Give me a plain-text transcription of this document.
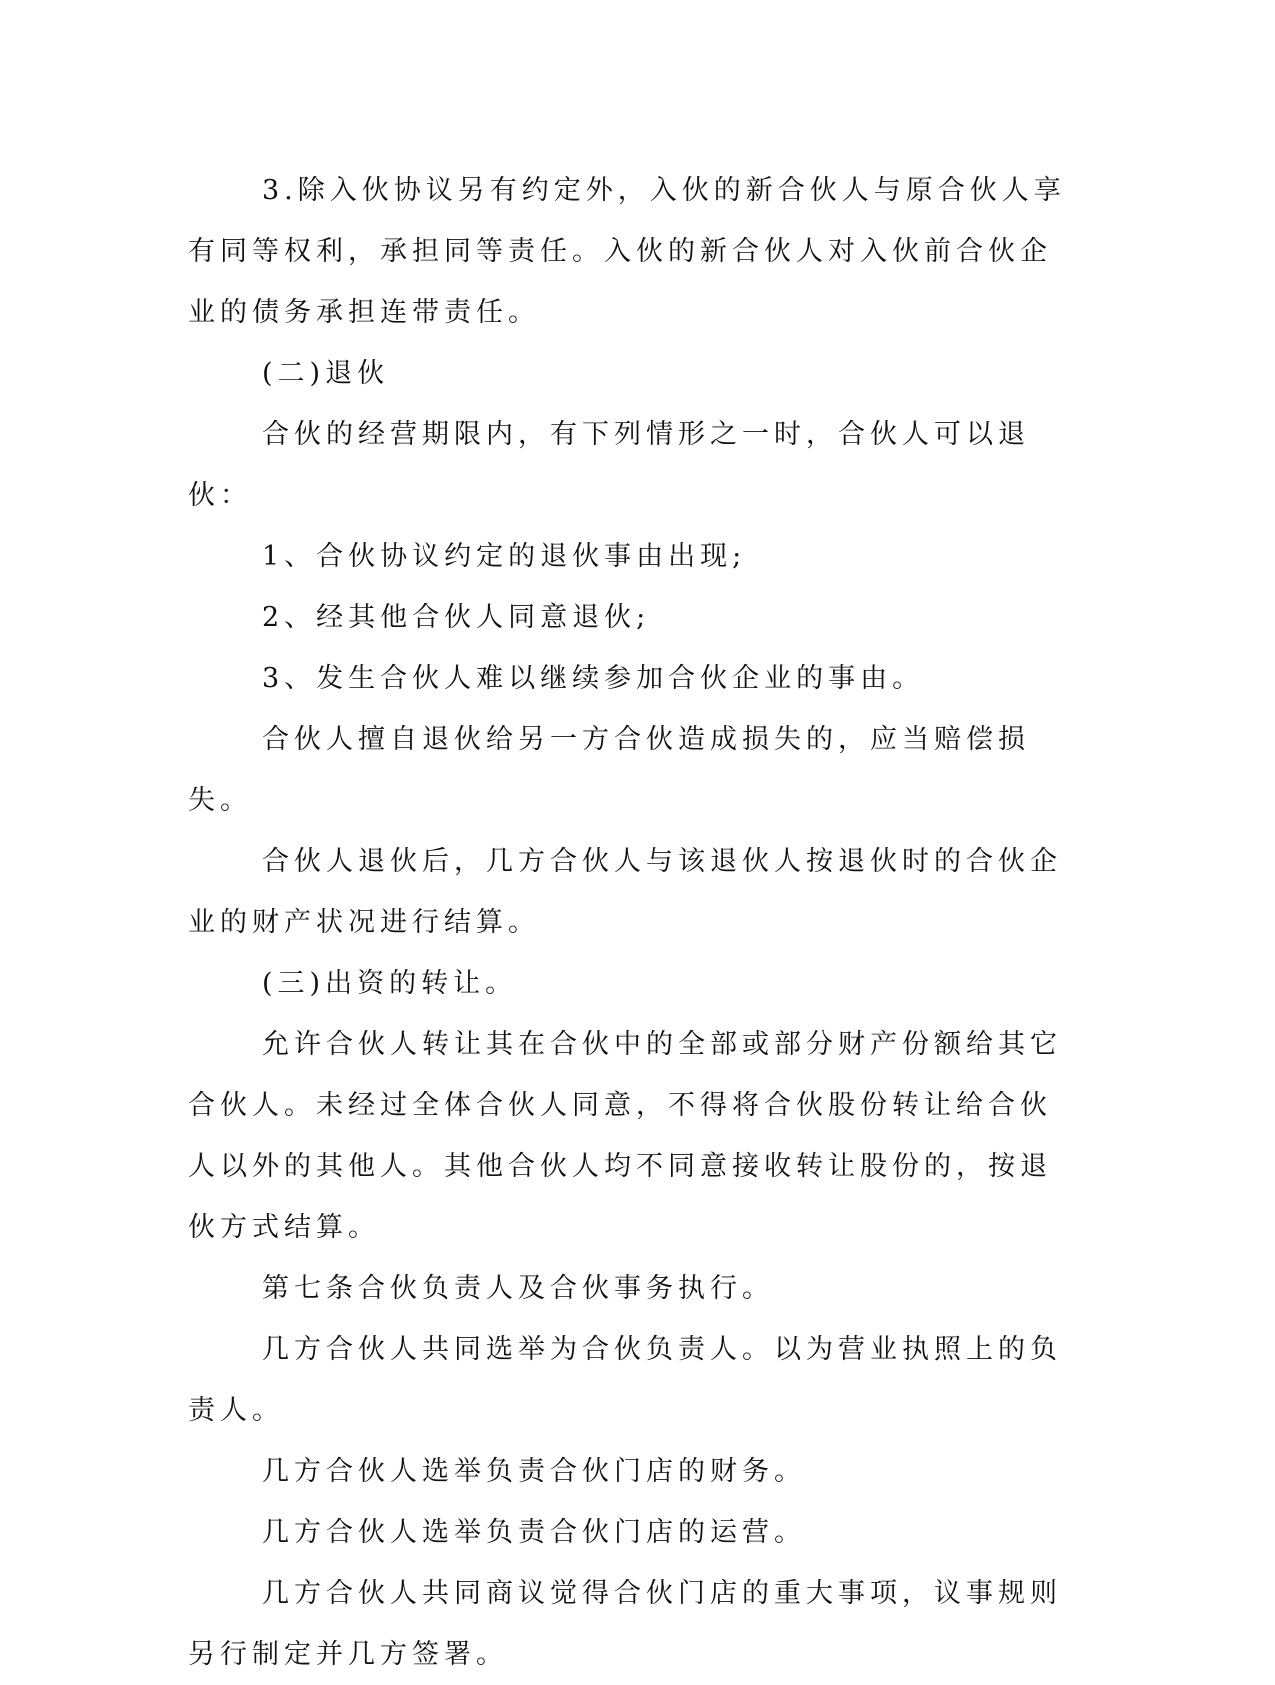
3.除入伙协议另有约定外，入伙的新合伙人与原合伙人享有同等权利，承担同等责任。入伙的新合伙人对入伙前合伙企业的债务承担连带责任。

(二)退伙

合伙的经营期限内，有下列情形之一时，合伙人可以退伙：

1、合伙协议约定的退伙事由出现;

2、经其他合伙人同意退伙;

3、发生合伙人难以继续参加合伙企业的事由。

合伙人擅自退伙给另一方合伙造成损失的，应当赔偿损失。

合伙人退伙后，几方合伙人与该退伙人按退伙时的合伙企业的财产状况进行结算。

(三)出资的转让。

允许合伙人转让其在合伙中的全部或部分财产份额给其它合伙人。未经过全体合伙人同意，不得将合伙股份转让给合伙人以外的其他人。其他合伙人均不同意接收转让股份的，按退伙方式结算。

第七条合伙负责人及合伙事务执行。

几方合伙人共同选举为合伙负责人。以为营业执照上的负责人。

几方合伙人选举负责合伙门店的财务。

几方合伙人选举负责合伙门店的运营。

几方合伙人共同商议觉得合伙门店的重大事项，议事规则另行制定并几方签署。
